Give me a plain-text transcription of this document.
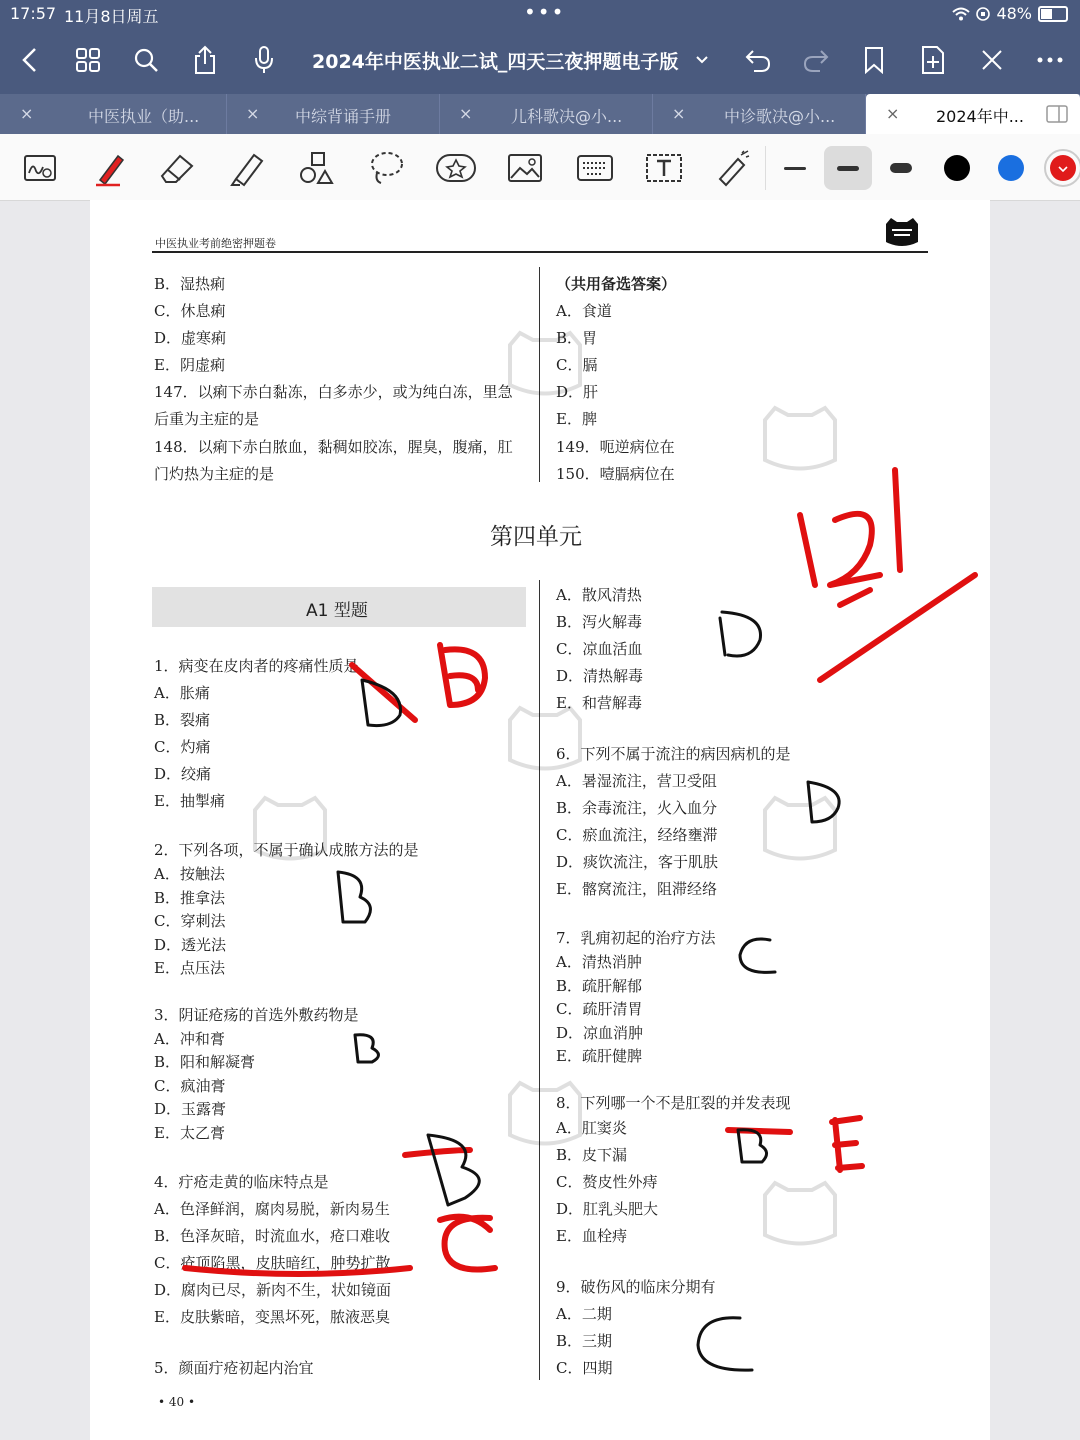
17:57 11月8日周五	•••	48%
2024年中医执业二试_四天三夜押题电子版
×	中医执业（助...	× 中综背诵手册	× 儿科歌决@小...	× 中诊歌决@小...	× 2024年中...
中医执业考前绝密押题卷
B．湿热痢
C．休息痢
D．虚寒痢
E．阴虚痢
147．以痢下赤白黏冻，白多赤少，或为纯白冻，里急
后重为主症的是
148．以痢下赤白脓血，黏稠如胶冻，腥臭，腹痛，肛
门灼热为主症的是
（共用备选答案）
A．食道
B．胃
C．膈
D．肝
E．脾
149．呃逆病位在
150．噎膈病位在
第四单元
A1 型题
1．病变在皮肉者的疼痛性质是
A．胀痛
B．裂痛
C．灼痛
D．绞痛
E．抽掣痛
2．下列各项，不属于确认成脓方法的是
A．按触法
B．推拿法
C．穿刺法
D．透光法
E．点压法
3．阴证疮疡的首选外敷药物是
A．冲和膏
B．阳和解凝膏
C．疯油膏
D．玉露膏
E．太乙膏
4．疔疮走黄的临床特点是
A．色泽鲜润，腐肉易脱，新肉易生
B．色泽灰暗，时流血水，疮口难收
C．疮顶陷黑，皮肤暗红，肿势扩散
D．腐肉已尽，新肉不生，状如镜面
E．皮肤紫暗，变黑坏死，脓液恶臭
5．颜面疔疮初起内治宜
A．散风清热
B．泻火解毒
C．凉血活血
D．清热解毒
E．和营解毒
6．下列不属于流注的病因病机的是
A．暑湿流注，营卫受阻
B．余毒流注，火入血分
C．瘀血流注，经络壅滞
D．痰饮流注，客于肌肤
E．髂窝流注，阻滞经络
7．乳痈初起的治疗方法
A．清热消肿
B．疏肝解郁
C．疏肝清胃
D．凉血消肿
E．疏肝健脾
8．下列哪一个不是肛裂的并发表现
A．肛窦炎
B．皮下漏
C．赘皮性外痔
D．肛乳头肥大
E．血栓痔
9．破伤风的临床分期有
A．二期
B．三期
C．四期
• 40 •
